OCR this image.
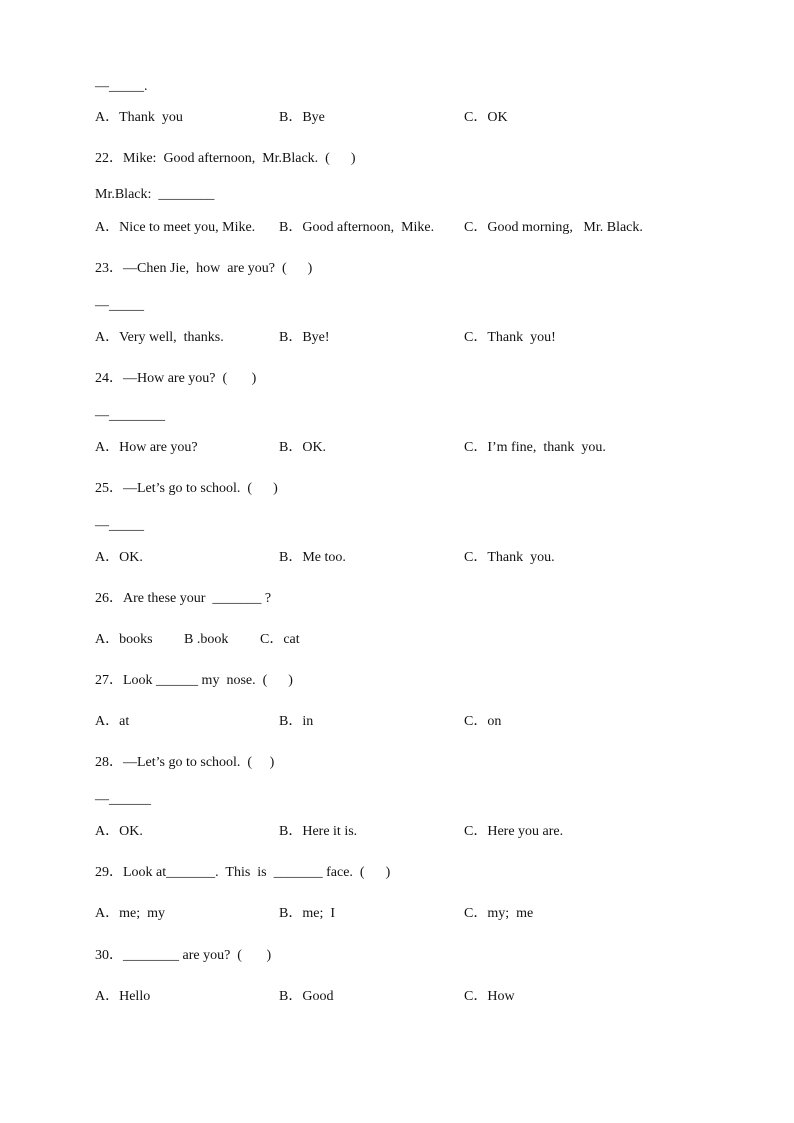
—_____.
A．Thank  you	B．Bye	C．OK
22．Mike:  Good afternoon,  Mr.Black.  (      )
Mr.Black:  ________
A．Nice to meet you, Mike. B．Good afternoon,  Mike. C．Good morning,   Mr. Black.
23．—Chen Jie,  how  are you?  (      )
—_____
A．Very well,  thanks.	B．Bye!	C．Thank  you!
24．—How are you?  (       )
—________
A．How are you?	B．OK.	C．I’m fine,  thank  you.
25．—Let’s go to school.  (      )
—_____
A．OK.	B．Me too.	C．Thank  you.
26．Are these your  _______ ?
A．books B .book C．cat
27．Look ______ my  nose.  (      )
A．at	B．in	C．on
28．—Let’s go to school.  (     )
—______
A．OK.	B．Here it is.	C．Here you are.
29．Look at_______.  This  is  _______ face.  (      )
A．me;  my	B．me;  I	C．my;  me
30．________ are you?  (       )
A．Hello	B．Good	C．How
